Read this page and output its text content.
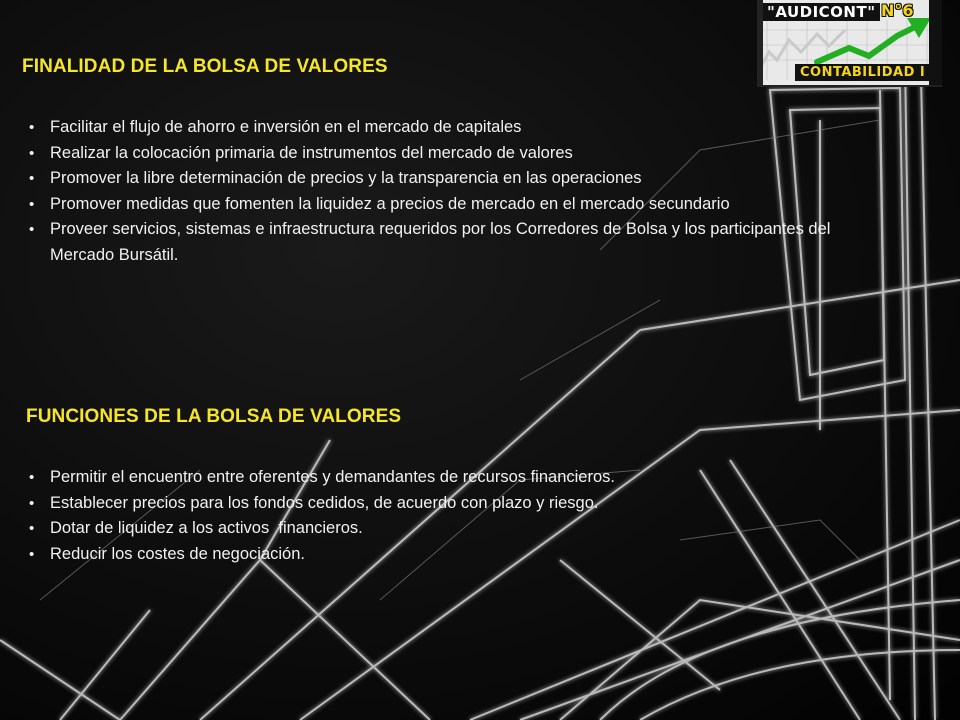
"AUDICONT" N°6
CONTABILIDAD I
FINALIDAD DE LA BOLSA DE VALORES
• Facilitar el flujo de ahorro e inversión en el mercado de capitales
• Realizar la colocación primaria de instrumentos del mercado de valores
• Promover la libre determinación de precios y la transparencia en las operaciones
• Promover medidas que fomenten la liquidez a precios de mercado en el mercado secundario
• Proveer servicios, sistemas e infraestructura requeridos por los Corredores de Bolsa y los participantes del Mercado Bursátil.
FUNCIONES DE LA BOLSA DE VALORES
• Permitir el encuentro entre oferentes y demandantes de recursos financieros.
• Establecer precios para los fondos cedidos, de acuerdo con plazo y riesgo.
• Dotar de liquidez a los activos  financieros.
• Reducir los costes de negociación.
